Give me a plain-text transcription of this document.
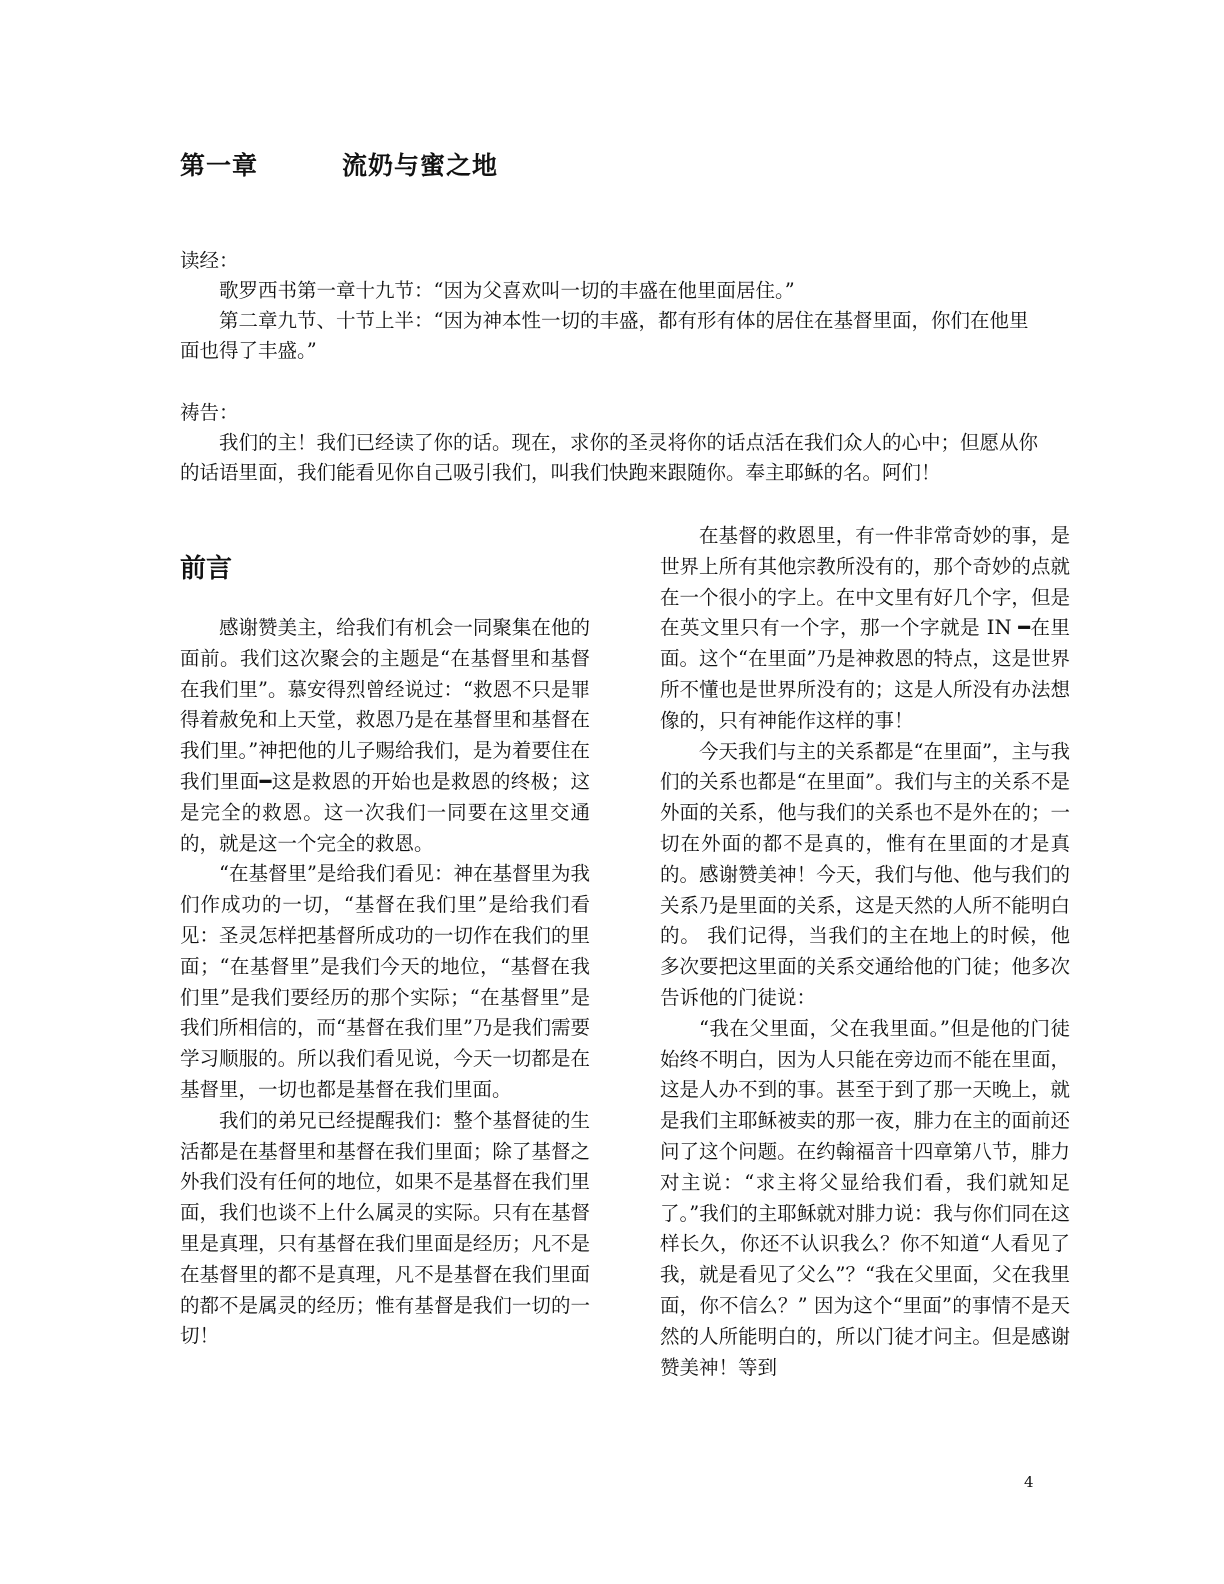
第一章	流奶与蜜之地

读经：

歌罗西书第一章十九节：“因为父喜欢叫一切的丰盛在他里面居住。”

第二章九节、十节上半：“因为神本性一切的丰盛，都有形有体的居住在基督里面，你们在他里面也得了丰盛。”

祷告：

我们的主！我们已经读了你的话。现在，求你的圣灵将你的话点活在我们众人的心中；但愿从你的话语里面，我们能看见你自己吸引我们，叫我们快跑来跟随你。奉主耶稣的名。阿们！

前言

感谢赞美主，给我们有机会一同聚集在他的面前。我们这次聚会的主题是“在基督里和基督在我们里”。慕安得烈曾经说过：“救恩不只是罪得着赦免和上天堂，救恩乃是在基督里和基督在我们里。”神把他的儿子赐给我们，是为着要住在我们里面━这是救恩的开始也是救恩的终极；这是完全的救恩。这一次我们一同要在这里交通的，就是这一个完全的救恩。

“在基督里”是给我们看见：神在基督里为我们作成功的一切，“基督在我们里”是给我们看见：圣灵怎样把基督所成功的一切作在我们的里面；“在基督里”是我们今天的地位，“基督在我们里”是我们要经历的那个实际；“在基督里”是我们所相信的，而“基督在我们里”乃是我们需要学习顺服的。所以我们看见说，今天一切都是在基督里，一切也都是基督在我们里面。

我们的弟兄已经提醒我们：整个基督徒的生活都是在基督里和基督在我们里面；除了基督之外我们没有任何的地位，如果不是基督在我们里面，我们也谈不上什么属灵的实际。只有在基督里是真理，只有基督在我们里面是经历；凡不是在基督里的都不是真理，凡不是基督在我们里面的都不是属灵的经历；惟有基督是我们一切的一切！

在基督的救恩里，有一件非常奇妙的事，是世界上所有其他宗教所没有的，那个奇妙的点就在一个很小的字上。在中文里有好几个字，但是在英文里只有一个字，那一个字就是 IN ━在里面。这个“在里面”乃是神救恩的特点，这是世界所不懂也是世界所没有的；这是人所没有办法想像的，只有神能作这样的事！

今天我们与主的关系都是“在里面”，主与我们的关系也都是“在里面”。我们与主的关系不是外面的关系，他与我们的关系也不是外在的；一切在外面的都不是真的，惟有在里面的才是真的。感谢赞美神！今天，我们与他、他与我们的关系乃是里面的关系，这是天然的人所不能明白的。 我们记得，当我们的主在地上的时候，他多次要把这里面的关系交通给他的门徒；他多次告诉他的门徒说：

“我在父里面，父在我里面。”但是他的门徒始终不明白，因为人只能在旁边而不能在里面，这是人办不到的事。甚至于到了那一天晚上，就是我们主耶稣被卖的那一夜，腓力在主的面前还问了这个问题。在约翰福音十四章第八节，腓力对主说：“求主将父显给我们看，我们就知足了。”我们的主耶稣就对腓力说：我与你们同在这样长久，你还不认识我么？你不知道“人看见了我，就是看见了父么”？“我在父里面，父在我里面，你不信么？” 因为这个“里面”的事情不是天然的人所能明白的，所以门徒才问主。但是感谢赞美神！等到

4
